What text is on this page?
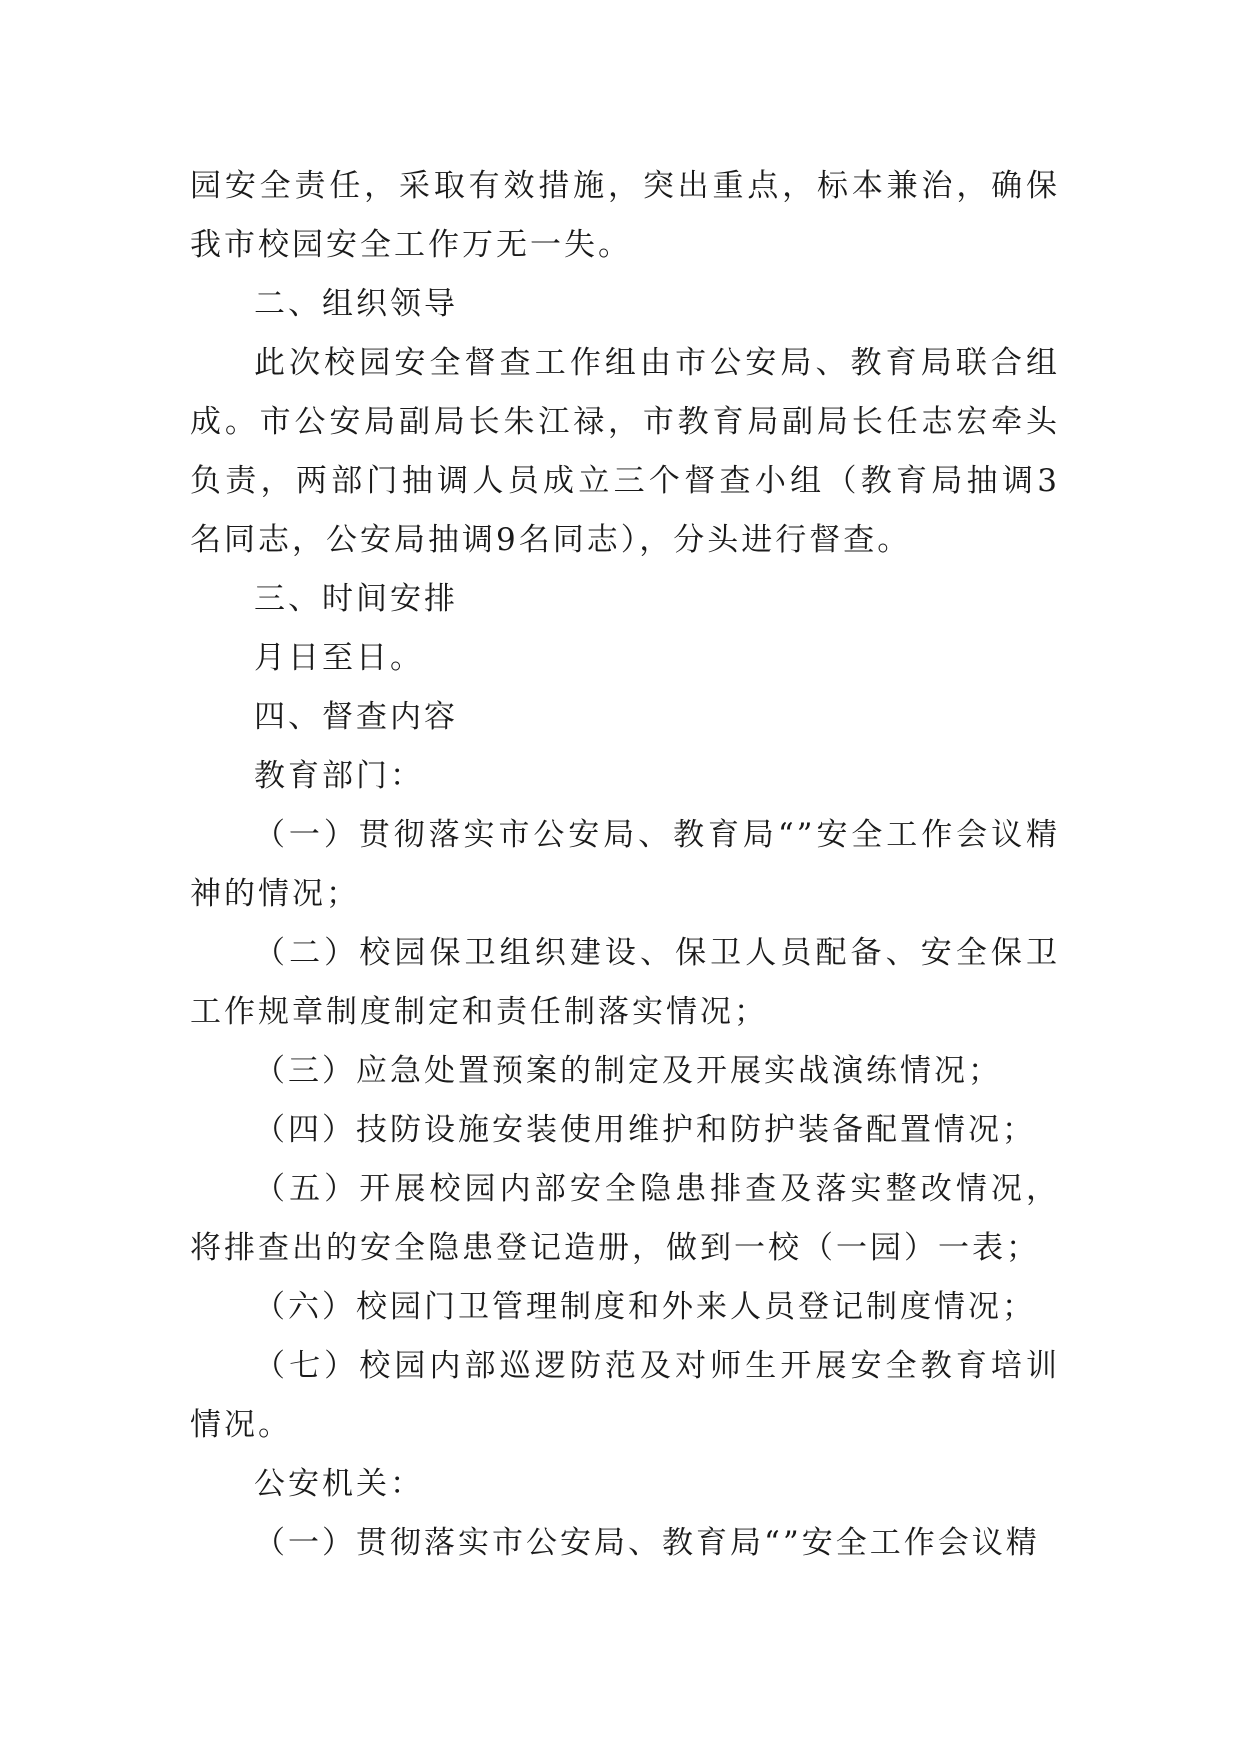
园安全责任，采取有效措施，突出重点，标本兼治，确保我市校园安全工作万无一失。

二、组织领导

此次校园安全督查工作组由市公安局、教育局联合组成。市公安局副局长朱江禄，市教育局副局长任志宏牵头负责，两部门抽调人员成立三个督查小组（教育局抽调3名同志，公安局抽调9名同志），分头进行督查。

三、时间安排

月日至日。

四、督查内容

教育部门：

（一）贯彻落实市公安局、教育局“”安全工作会议精神的情况；

（二）校园保卫组织建设、保卫人员配备、安全保卫工作规章制度制定和责任制落实情况；

（三）应急处置预案的制定及开展实战演练情况；

（四）技防设施安装使用维护和防护装备配置情况；

（五）开展校园内部安全隐患排查及落实整改情况，将排查出的安全隐患登记造册，做到一校（一园）一表；

（六）校园门卫管理制度和外来人员登记制度情况；

（七）校园内部巡逻防范及对师生开展安全教育培训情况。

公安机关：

（一）贯彻落实市公安局、教育局“”安全工作会议精
